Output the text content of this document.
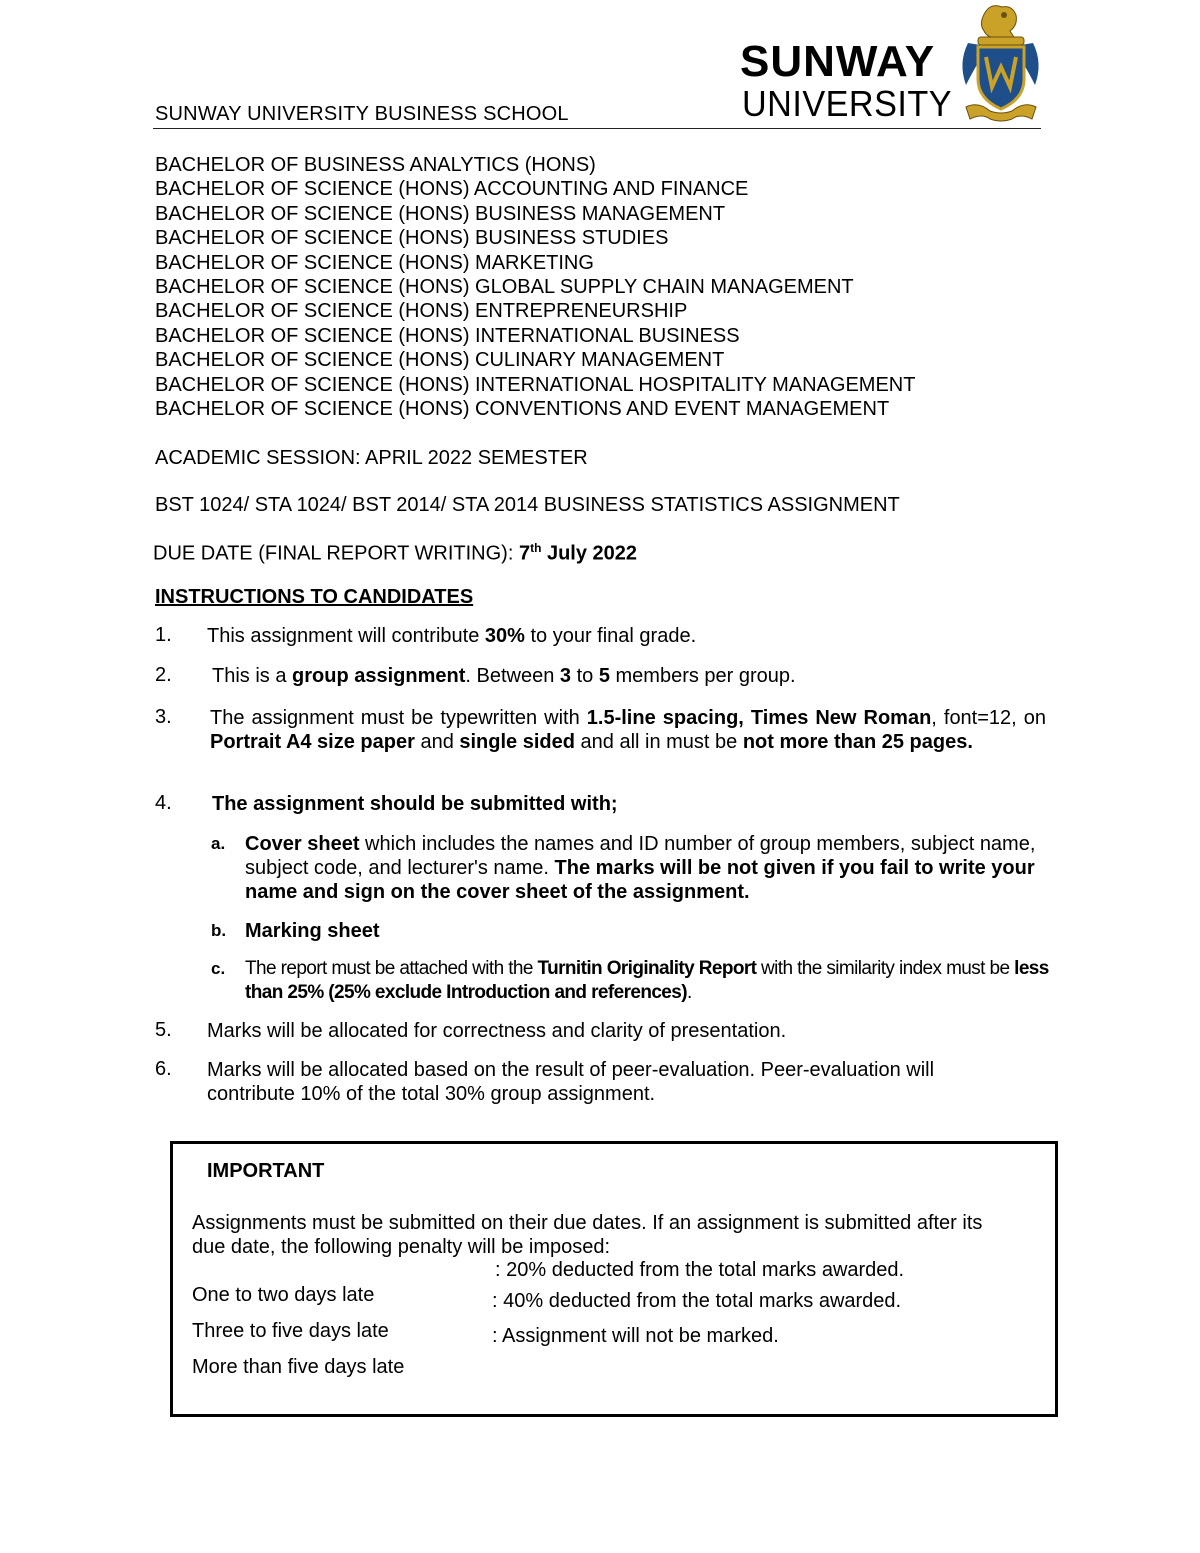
SUNWAY UNIVERSITY BUSINESS SCHOOL
SUNWAY
UNIVERSITY
BACHELOR OF BUSINESS ANALYTICS (HONS)
BACHELOR OF SCIENCE (HONS) ACCOUNTING AND FINANCE
BACHELOR OF SCIENCE (HONS) BUSINESS MANAGEMENT
BACHELOR OF SCIENCE (HONS) BUSINESS STUDIES
BACHELOR OF SCIENCE (HONS) MARKETING
BACHELOR OF SCIENCE (HONS) GLOBAL SUPPLY CHAIN MANAGEMENT
BACHELOR OF SCIENCE (HONS) ENTREPRENEURSHIP
BACHELOR OF SCIENCE (HONS) INTERNATIONAL BUSINESS
BACHELOR OF SCIENCE (HONS) CULINARY MANAGEMENT
BACHELOR OF SCIENCE (HONS) INTERNATIONAL HOSPITALITY MANAGEMENT
BACHELOR OF SCIENCE (HONS) CONVENTIONS AND EVENT MANAGEMENT
ACADEMIC SESSION: APRIL 2022 SEMESTER
BST 1024/ STA 1024/ BST 2014/ STA 2014 BUSINESS STATISTICS ASSIGNMENT
DUE DATE (FINAL REPORT WRITING): 7th July 2022
INSTRUCTIONS TO CANDIDATES
1. This assignment will contribute 30% to your final grade.
2. This is a group assignment. Between 3 to 5 members per group.
3. The assignment must be typewritten with 1.5-line spacing, Times New Roman, font=12, on Portrait A4 size paper and single sided and all in must be not more than 25 pages.
4. The assignment should be submitted with;
a. Cover sheet which includes the names and ID number of group members, subject name, subject code, and lecturer's name. The marks will be not given if you fail to write your name and sign on the cover sheet of the assignment.
b. Marking sheet
c. The report must be attached with the Turnitin Originality Report with the similarity index must be less than 25% (25% exclude Introduction and references).
5. Marks will be allocated for correctness and clarity of presentation.
6. Marks will be allocated based on the result of peer-evaluation. Peer-evaluation will contribute 10% of the total 30% group assignment.
IMPORTANT
Assignments must be submitted on their due dates. If an assignment is submitted after its due date, the following penalty will be imposed:
One to two days late
: 20% deducted from the total marks awarded.
Three to five days late
: 40% deducted from the total marks awarded.
More than five days late
: Assignment will not be marked.
